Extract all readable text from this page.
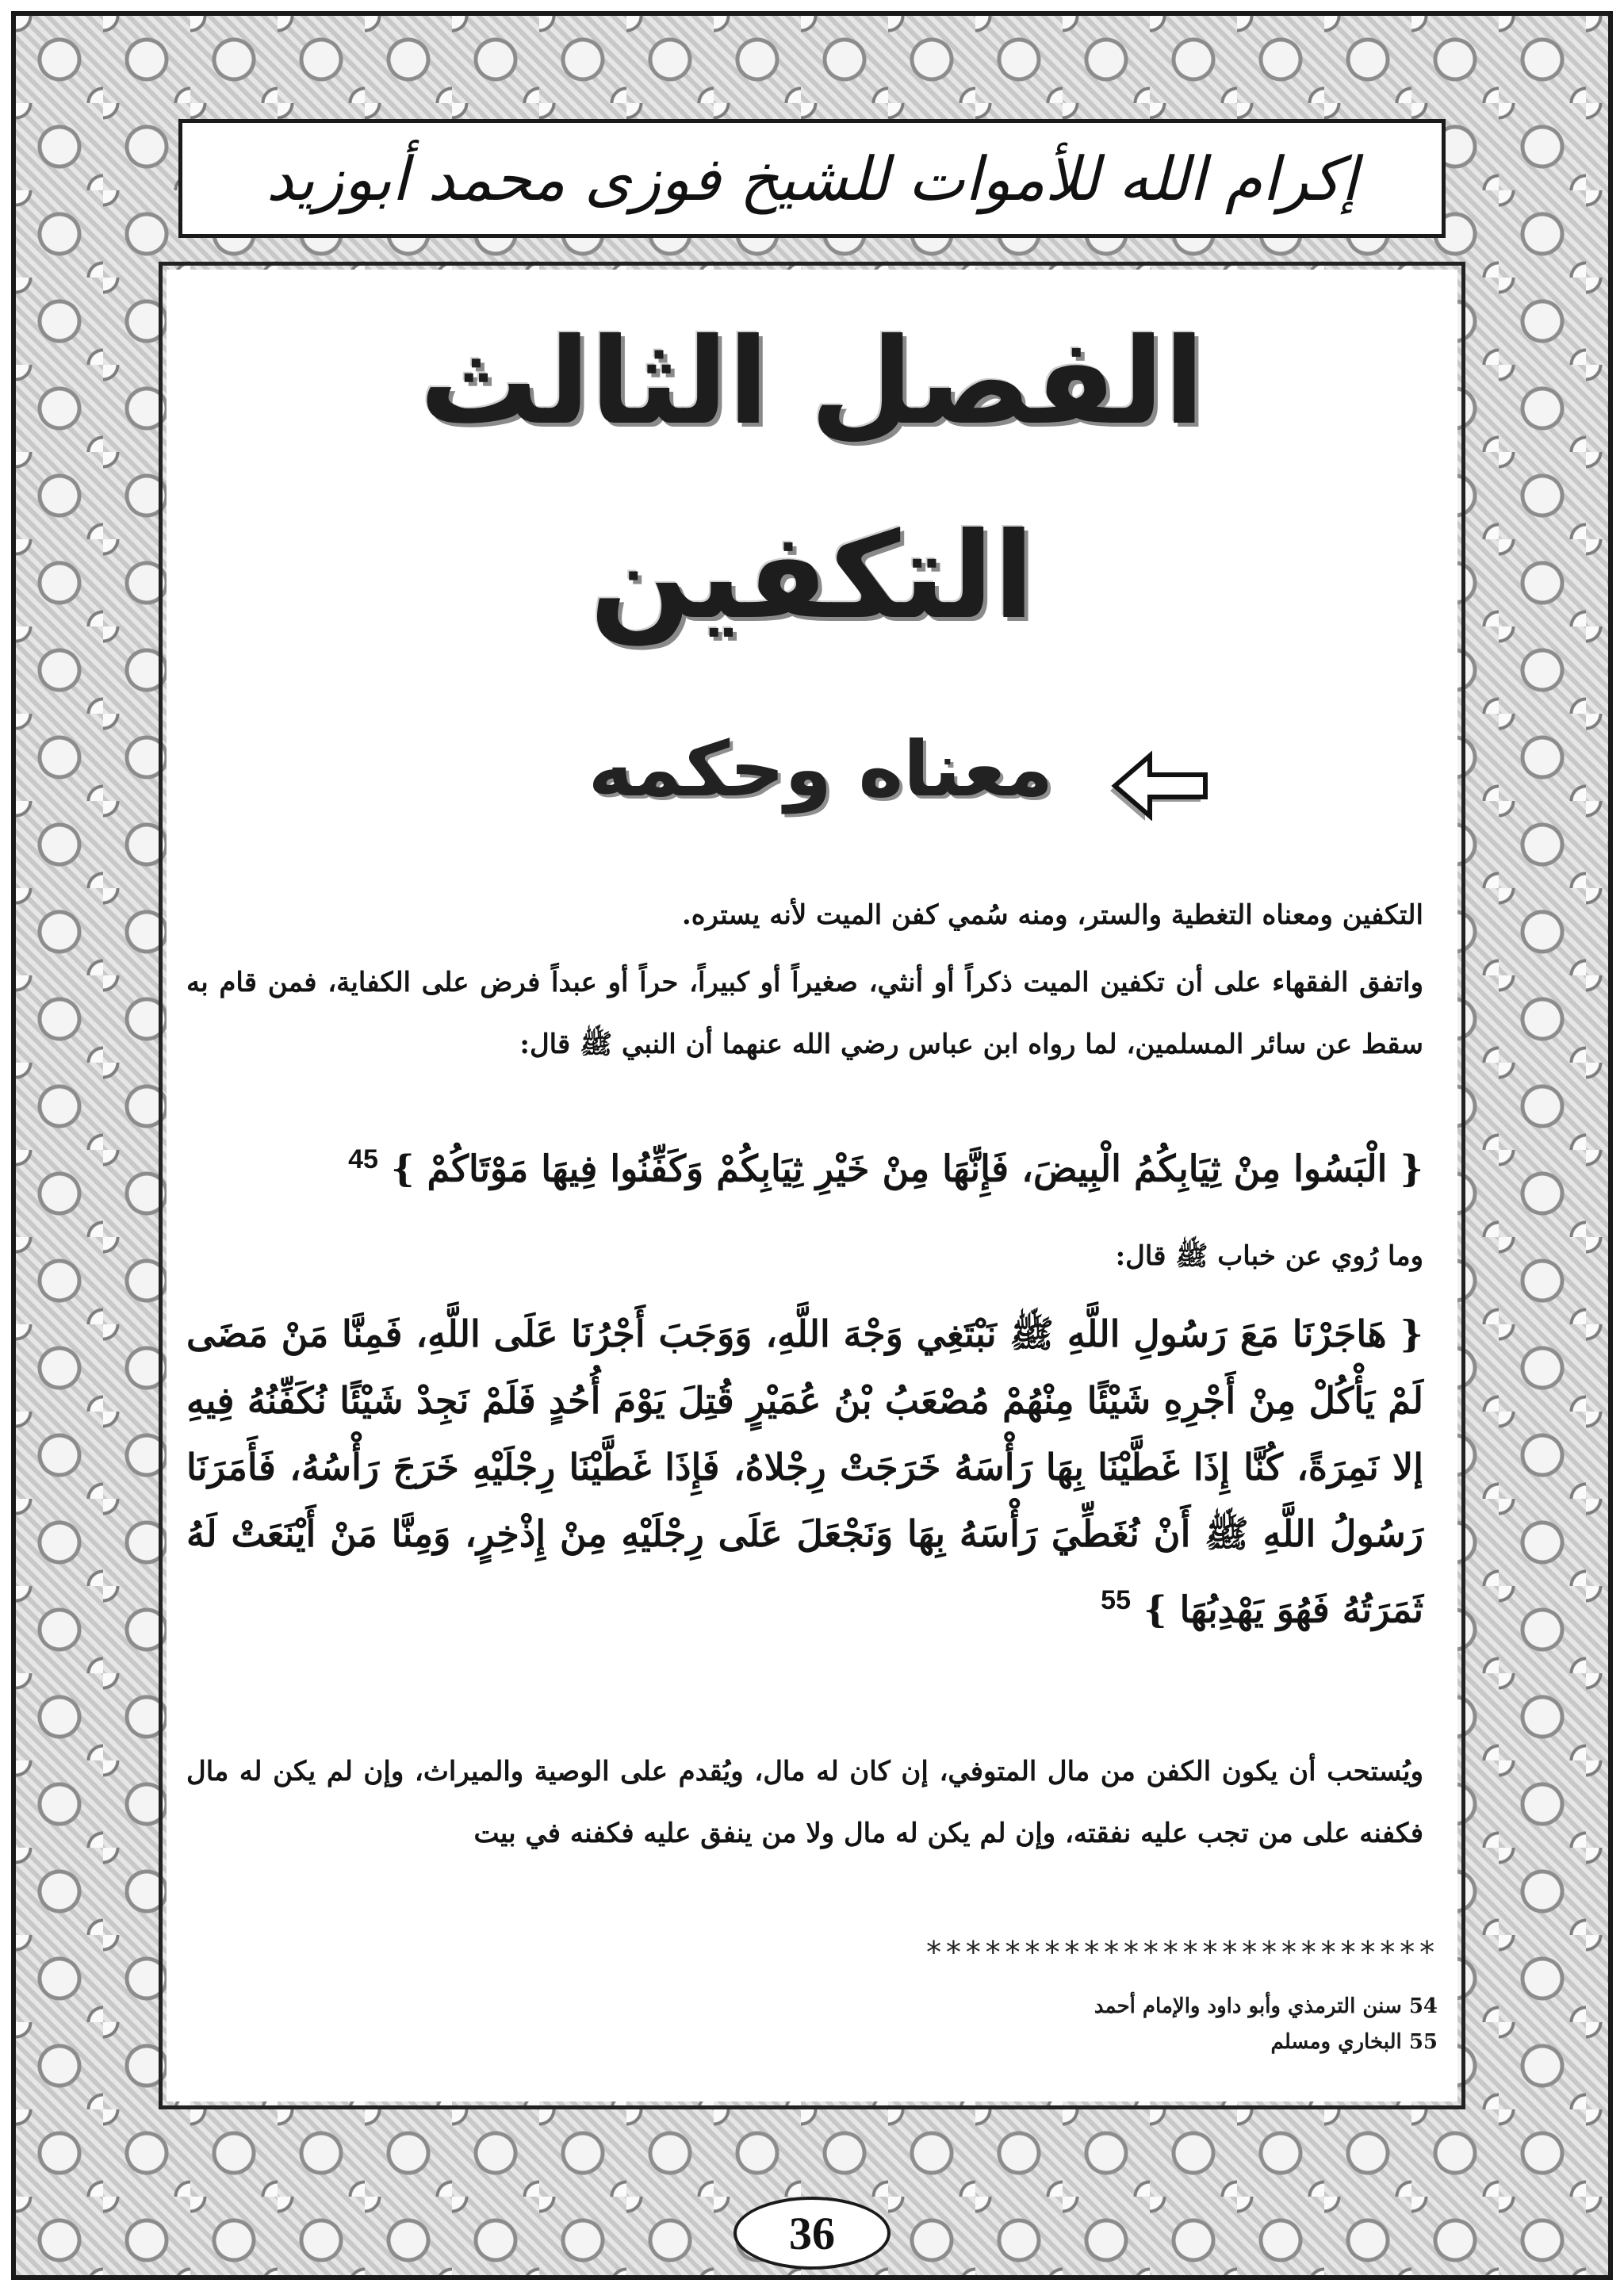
إكرام الله للأموات للشيخ فوزى محمد أبوزيد
الفصل الثالث
التكفين
معناه وحكمه
التكفين ومعناه التغطية والستر، ومنه سُمي كفن الميت لأنه يستره.
واتفق الفقهاء على أن تكفين الميت ذكراً أو أنثي، صغيراً أو كبيراً، حراً أو عبداً فرض على الكفاية، فمن قام به سقط عن سائر المسلمين، لما رواه ابن عباس رضي الله عنهما أن النبي ﷺ قال:
{ الْبَسُوا مِنْ ثِيَابِكُمُ الْبِيضَ، فَإِنَّهَا مِنْ خَيْرِ ثِيَابِكُمْ وَكَفِّنُوا فِيهَا مَوْتَاكُمْ } $^{45}$
وما رُوي عن خباب ﷺ قال:
{ هَاجَرْنَا مَعَ رَسُولِ اللَّهِ ﷺ نَبْتَغِي وَجْهَ اللَّهِ، وَوَجَبَ أَجْرُنَا عَلَى اللَّهِ، فَمِنَّا مَنْ مَضَى لَمْ يَأْكُلْ مِنْ أَجْرِهِ شَيْئًا مِنْهُمْ مُصْعَبُ بْنُ عُمَيْرٍ قُتِلَ يَوْمَ أُحُدٍ فَلَمْ نَجِدْ شَيْئًا نُكَفِّنُهُ فِيهِ إلا نَمِرَةً، كُنَّا إِذَا غَطَّيْنَا بِهَا رَأْسَهُ خَرَجَتْ رِجْلاهُ، فَإِذَا غَطَّيْنَا رِجْلَيْهِ خَرَجَ رَأْسُهُ، فَأَمَرَنَا رَسُولُ اللَّهِ ﷺ أَنْ نُغَطِّيَ رَأْسَهُ بِهَا وَنَجْعَلَ عَلَى رِجْلَيْهِ مِنْ إِذْخِرٍ، وَمِنَّا مَنْ أَيْنَعَتْ لَهُ ثَمَرَتُهُ فَهُوَ يَهْدِبُهَا } $^{55}$
ويُستحب أن يكون الكفن من مال المتوفي، إن كان له مال، ويُقدم على الوصية والميراث، وإن لم يكن له مال فكفنه على من تجب عليه نفقته، وإن لم يكن له مال ولا من ينفق عليه فكفنه في بيت
**************************
54 سنن الترمذي وأبو داود والإمام أحمد
55 البخاري ومسلم
36
